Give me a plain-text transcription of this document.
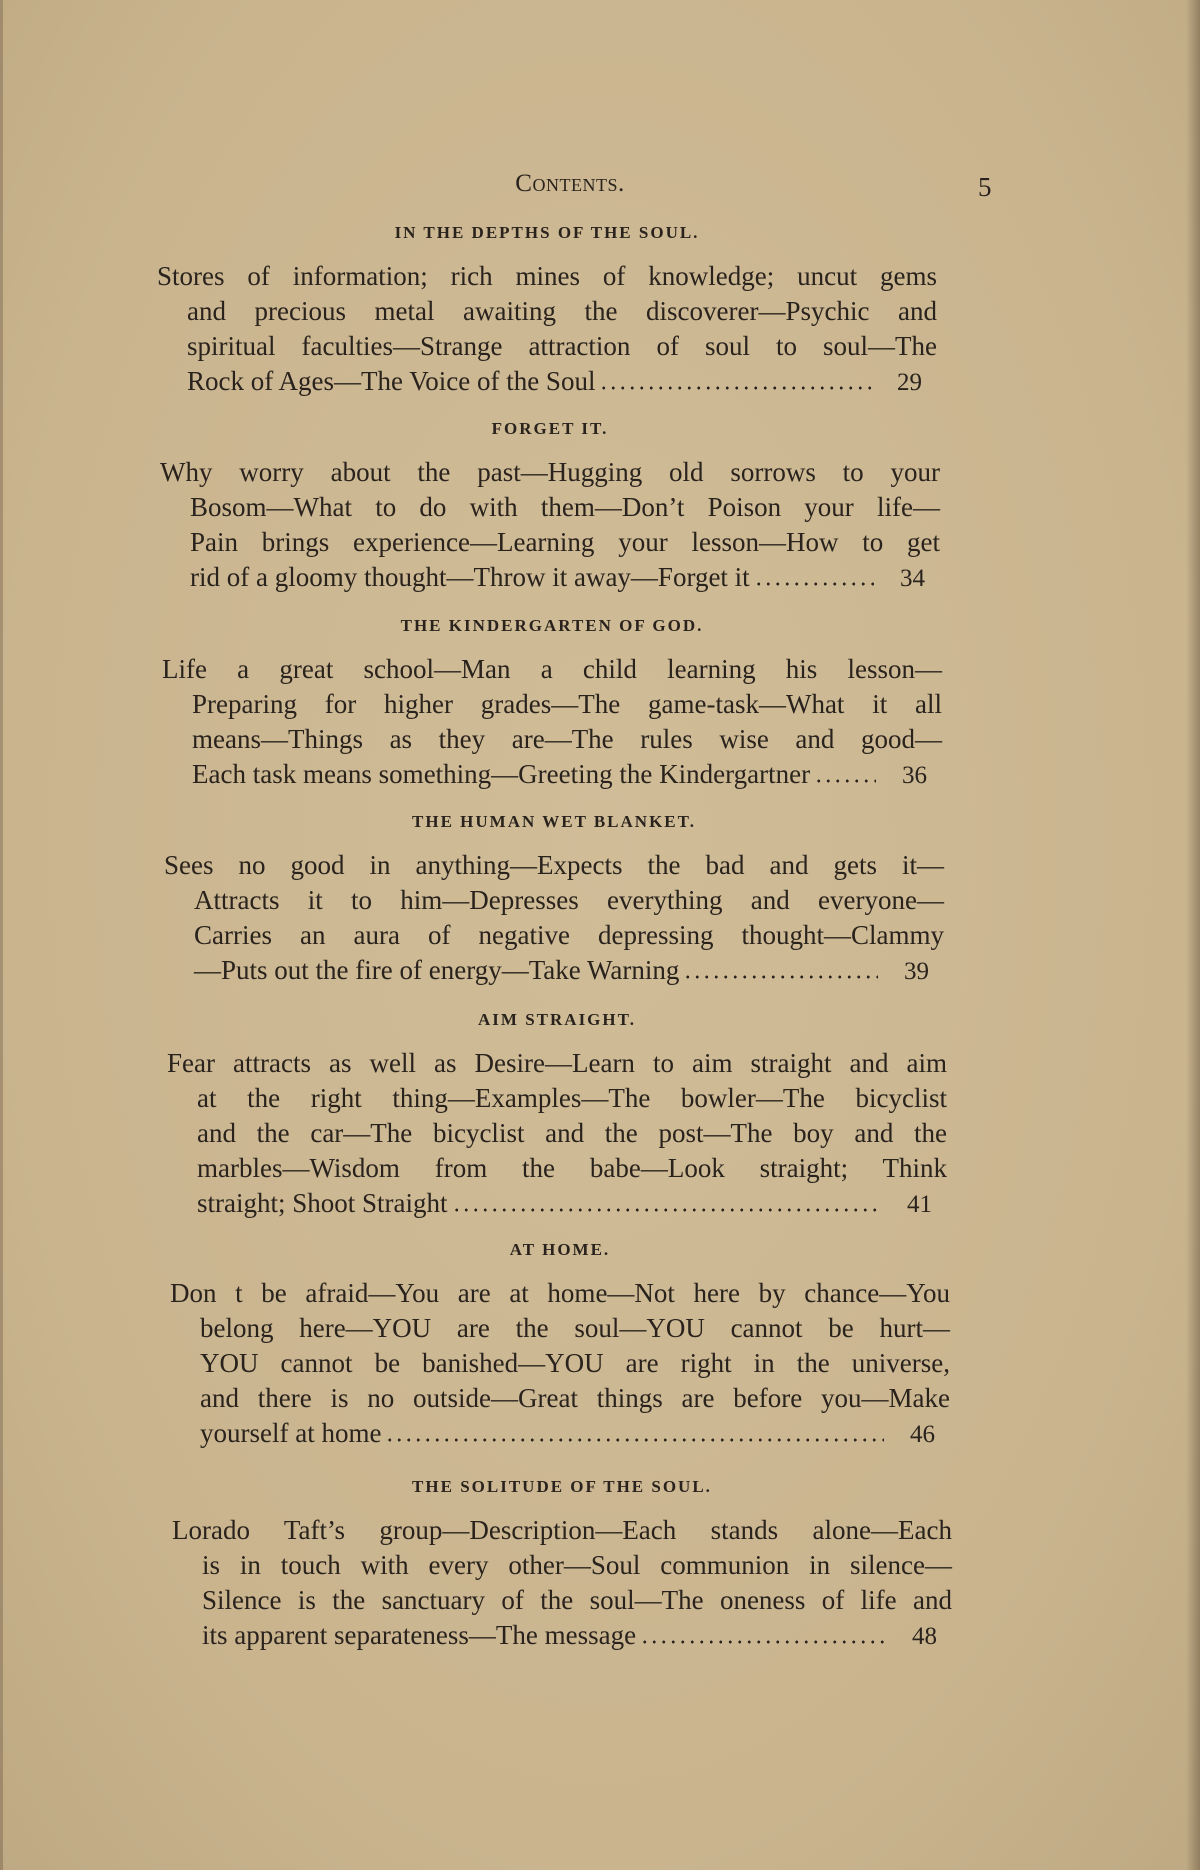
Contents.	5
IN THE DEPTHS OF THE SOUL.
Stores of information; rich mines of knowledge; uncut gems
and precious metal awaiting the discoverer—Psychic and
spiritual faculties—Strange attraction of soul to soul—The
Rock of Ages—The Voice of the Soul	29
FORGET IT.
Why worry about the past—Hugging old sorrows to your
Bosom—What to do with them—Don’t Poison your life—
Pain brings experience—Learning your lesson—How to get
rid of a gloomy thought—Throw it away—Forget it	34
THE KINDERGARTEN OF GOD.
Life a great school—Man a child learning his lesson—
Preparing for higher grades—The game-task—What it all
means—Things as they are—The rules wise and good—
Each task means something—Greeting the Kindergartner	36
THE HUMAN WET BLANKET.
Sees no good in anything—Expects the bad and gets it—
Attracts it to him—Depresses everything and everyone—
Carries an aura of negative depressing thought—Clammy
—Puts out the fire of energy—Take Warning	39
AIM STRAIGHT.
Fear attracts as well as Desire—Learn to aim straight and aim
at the right thing—Examples—The bowler—The bicyclist
and the car—The bicyclist and the post—The boy and the
marbles—Wisdom from the babe—Look straight; Think
straight; Shoot Straight	41
AT HOME.
Don t be afraid—You are at home—Not here by chance—You
belong here—YOU are the soul—YOU cannot be hurt—
YOU cannot be banished—YOU are right in the universe,
and there is no outside—Great things are before you—Make
yourself at home	46
THE SOLITUDE OF THE SOUL.
Lorado Taft’s group—Description—Each stands alone—Each
is in touch with every other—Soul communion in silence—
Silence is the sanctuary of the soul—The oneness of life and
its apparent separateness—The message	48
